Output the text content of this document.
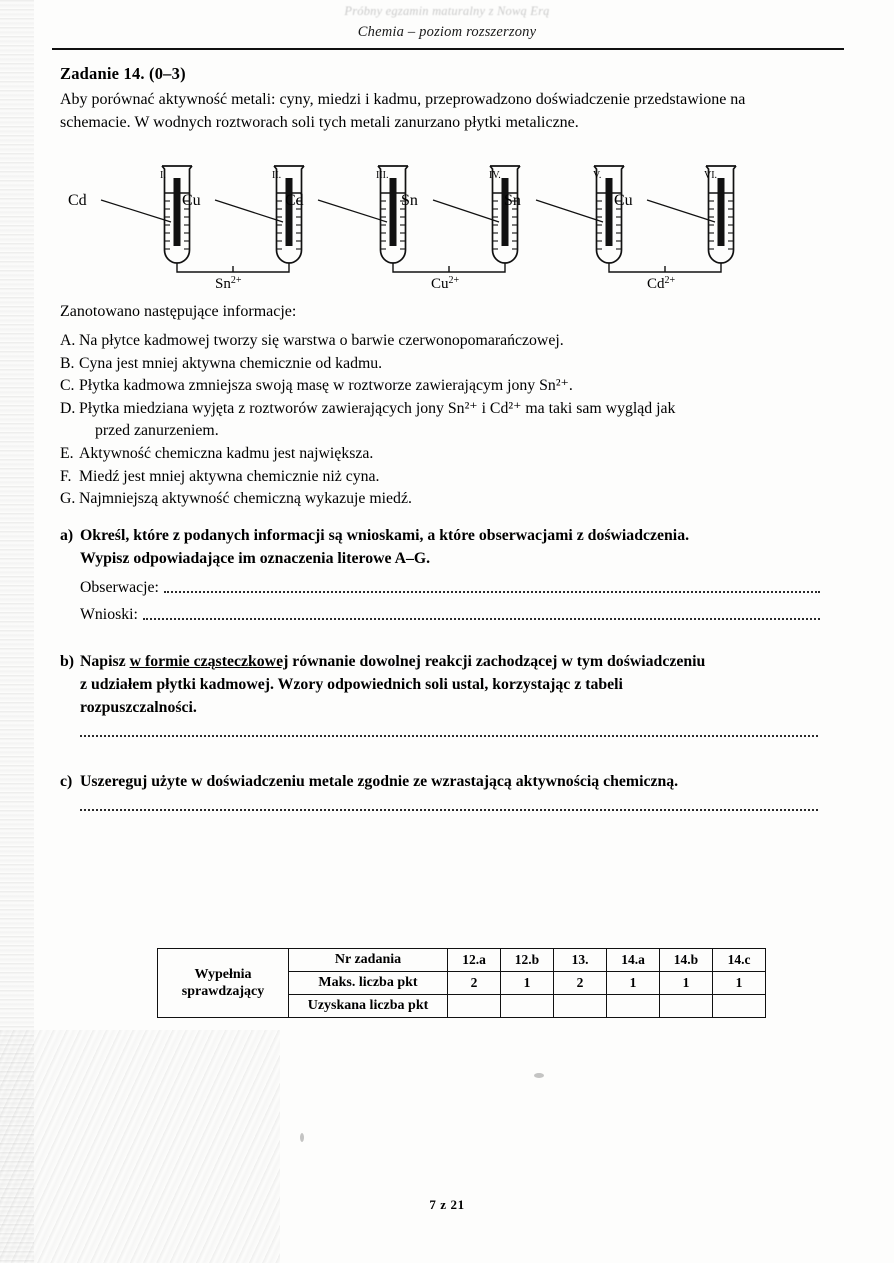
Próbny egzamin maturalny z Nową Erą
Chemia – poziom rozszerzony
Zadanie 14. (0–3)
Aby porównać aktywność metali: cyny, miedzi i kadmu, przeprowadzono doświadczenie przedstawione na schemacie. W wodnych roztworach soli tych metali zanurzano płytki metaliczne.
I.
Cd
II.
Cu
$Sn^{2+}$
III.
Cd
IV.
Sn
$Cu^{2+}$
V.
Sn
VI.
Cu
$Cd^{2+}$
Zanotowano następujące informacje:
A. Na płytce kadmowej tworzy się warstwa o barwie czerwonopomarańczowej.
B. Cyna jest mniej aktywna chemicznie od kadmu.
C. Płytka kadmowa zmniejsza swoją masę w roztworze zawierającym jony Sn²⁺.
D. Płytka miedziana wyjęta z roztworów zawierających jony Sn²⁺ i Cd²⁺ ma taki sam wygląd jak
przed zanurzeniem.
E. Aktywność chemiczna kadmu jest największa.
F. Miedź jest mniej aktywna chemicznie niż cyna.
G. Najmniejszą aktywność chemiczną wykazuje miedź.
a) Określ, które z podanych informacji są wnioskami, a które obserwacjami z doświadczenia.
Wypisz odpowiadające im oznaczenia literowe A–G.
Obserwacje:
Wnioski:
b) Napisz w formie cząsteczkowej równanie dowolnej reakcji zachodzącej w tym doświadczeniu
z udziałem płytki kadmowej. Wzory odpowiednich soli ustal, korzystając z tabeli
rozpuszczalności.
c) Uszereguj użyte w doświadczeniu metale zgodnie ze wzrastającą aktywnością chemiczną.
Wypełnia
sprawdzający	Nr zadania	12.a	12.b	13.	14.a	14.b	14.c
	Maks. liczba pkt	2	1	2	1	1	1
	Uzyskana liczba pkt						
7 z 21
